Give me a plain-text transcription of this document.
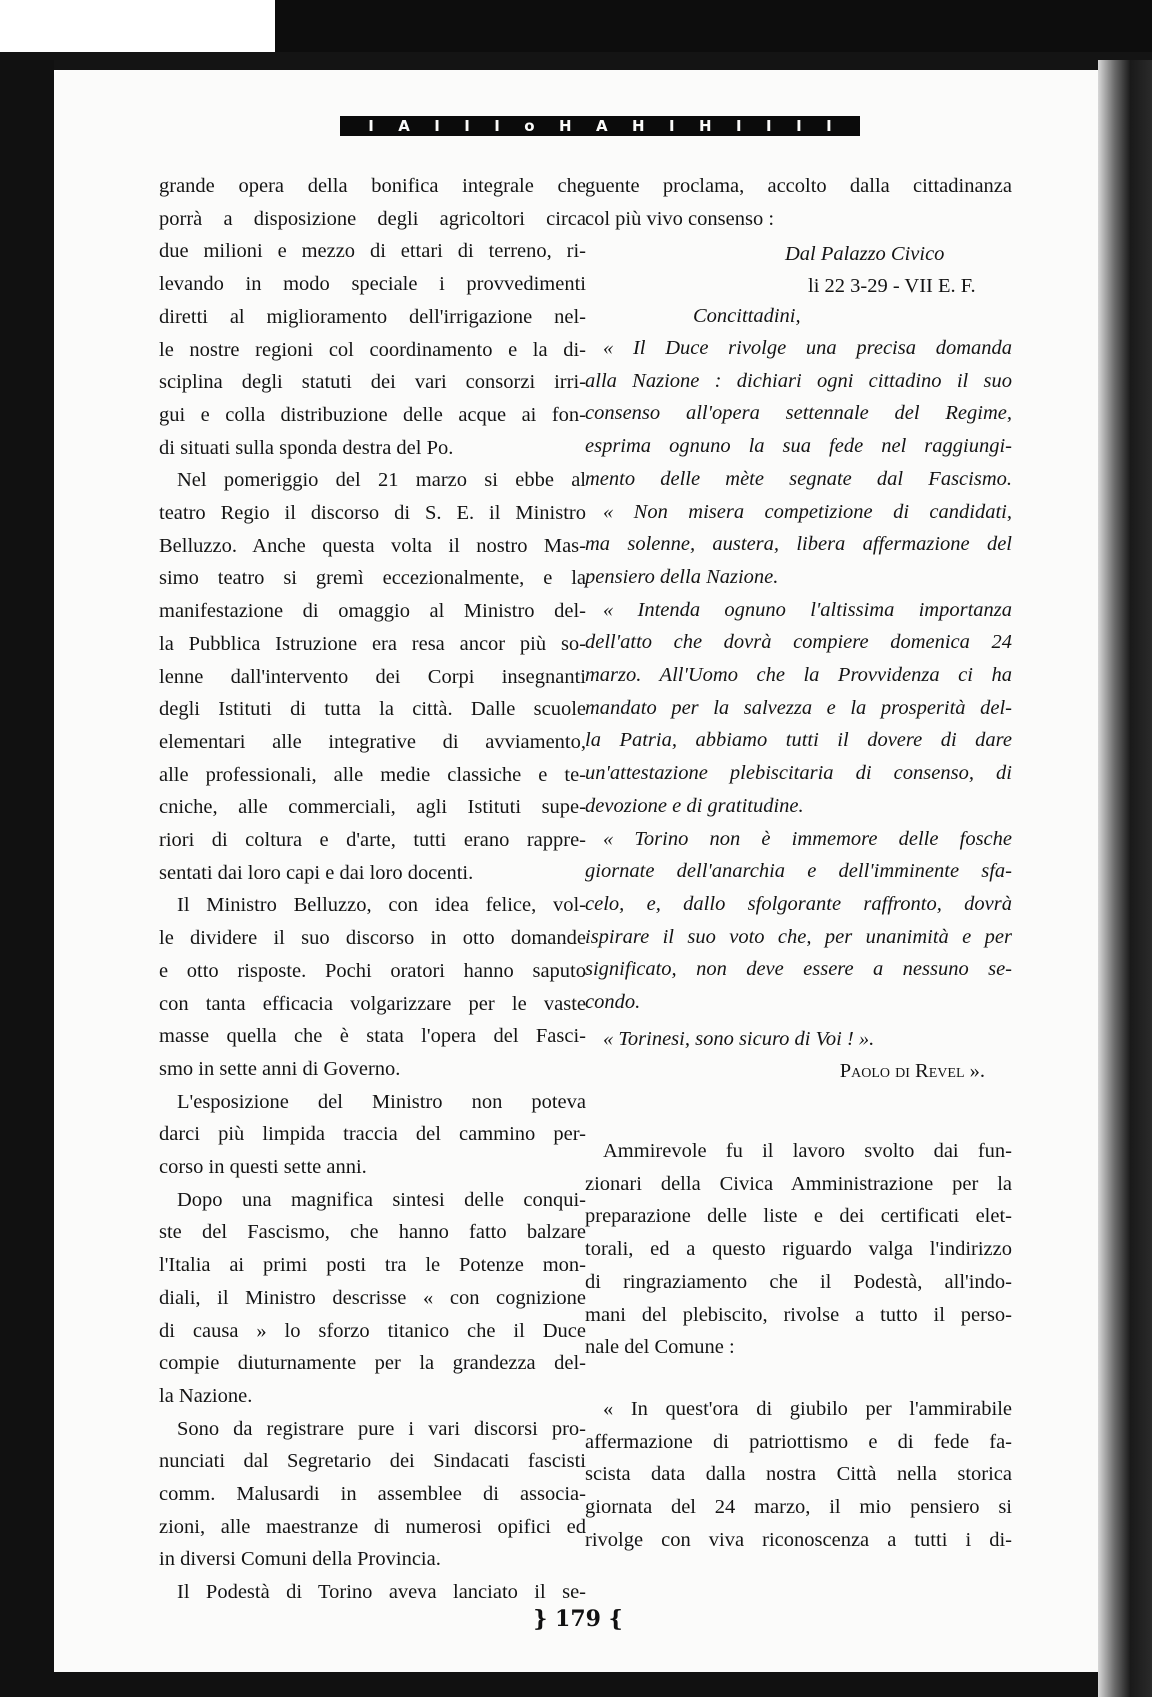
I A I I I o H A H I H I I I I
grande opera della bonifica integrale che
porrà a disposizione degli agricoltori circa
due milioni e mezzo di ettari di terreno, ri-
levando in modo speciale i provvedimenti
diretti al miglioramento dell'irrigazione nel-
le nostre regioni col coordinamento e la di-
sciplina degli statuti dei vari consorzi irri-
gui e colla distribuzione delle acque ai fon-
di situati sulla sponda destra del Po.
Nel pomeriggio del 21 marzo si ebbe al
teatro Regio il discorso di S. E. il Ministro
Belluzzo. Anche questa volta il nostro Mas-
simo teatro si gremì eccezionalmente, e la
manifestazione di omaggio al Ministro del-
la Pubblica Istruzione era resa ancor più so-
lenne dall'intervento dei Corpi insegnanti
degli Istituti di tutta la città. Dalle scuole
elementari alle integrative di avviamento,
alle professionali, alle medie classiche e te-
cniche, alle commerciali, agli Istituti supe-
riori di coltura e d'arte, tutti erano rappre-
sentati dai loro capi e dai loro docenti.
Il Ministro Belluzzo, con idea felice, vol-
le dividere il suo discorso in otto domande
e otto risposte. Pochi oratori hanno saputo
con tanta efficacia volgarizzare per le vaste
masse quella che è stata l'opera del Fasci-
smo in sette anni di Governo.
L'esposizione del Ministro non poteva
darci più limpida traccia del cammino per-
corso in questi sette anni.
Dopo una magnifica sintesi delle conqui-
ste del Fascismo, che hanno fatto balzare
l'Italia ai primi posti tra le Potenze mon-
diali, il Ministro descrisse « con cognizione
di causa » lo sforzo titanico che il Duce
compie diuturnamente per la grandezza del-
la Nazione.
Sono da registrare pure i vari discorsi pro-
nunciati dal Segretario dei Sindacati fascisti
comm. Malusardi in assemblee di associa-
zioni, alle maestranze di numerosi opifici ed
in diversi Comuni della Provincia.
Il Podestà di Torino aveva lanciato il se-
guente proclama, accolto dalla cittadinanza
col più vivo consenso :
Dal Palazzo Civico
li 22 3-29 - VII E. F.
Concittadini,
« Il Duce rivolge una precisa domanda
alla Nazione : dichiari ogni cittadino il suo
consenso all'opera settennale del Regime,
esprima ognuno la sua fede nel raggiungi-
mento delle mète segnate dal Fascismo.
« Non misera competizione di candidati,
ma solenne, austera, libera affermazione del
pensiero della Nazione.
« Intenda ognuno l'altissima importanza
dell'atto che dovrà compiere domenica 24
marzo. All'Uomo che la Provvidenza ci ha
mandato per la salvezza e la prosperità del-
la Patria, abbiamo tutti il dovere di dare
un'attestazione plebiscitaria di consenso, di
devozione e di gratitudine.
« Torino non è immemore delle fosche
giornate dell'anarchia e dell'imminente sfa-
celo, e, dallo sfolgorante raffronto, dovrà
ispirare il suo voto che, per unanimità e per
significato, non deve essere a nessuno se-
condo.
« Torinesi, sono sicuro di Voi ! ».
Paolo di Revel ».
Ammirevole fu il lavoro svolto dai fun-
zionari della Civica Amministrazione per la
preparazione delle liste e dei certificati elet-
torali, ed a questo riguardo valga l'indirizzo
di ringraziamento che il Podestà, all'indo-
mani del plebiscito, rivolse a tutto il perso-
nale del Comune :
« In quest'ora di giubilo per l'ammirabile
affermazione di patriottismo e di fede fa-
scista data dalla nostra Città nella storica
giornata del 24 marzo, il mio pensiero si
rivolge con viva riconoscenza a tutti i di-
} 179 {
